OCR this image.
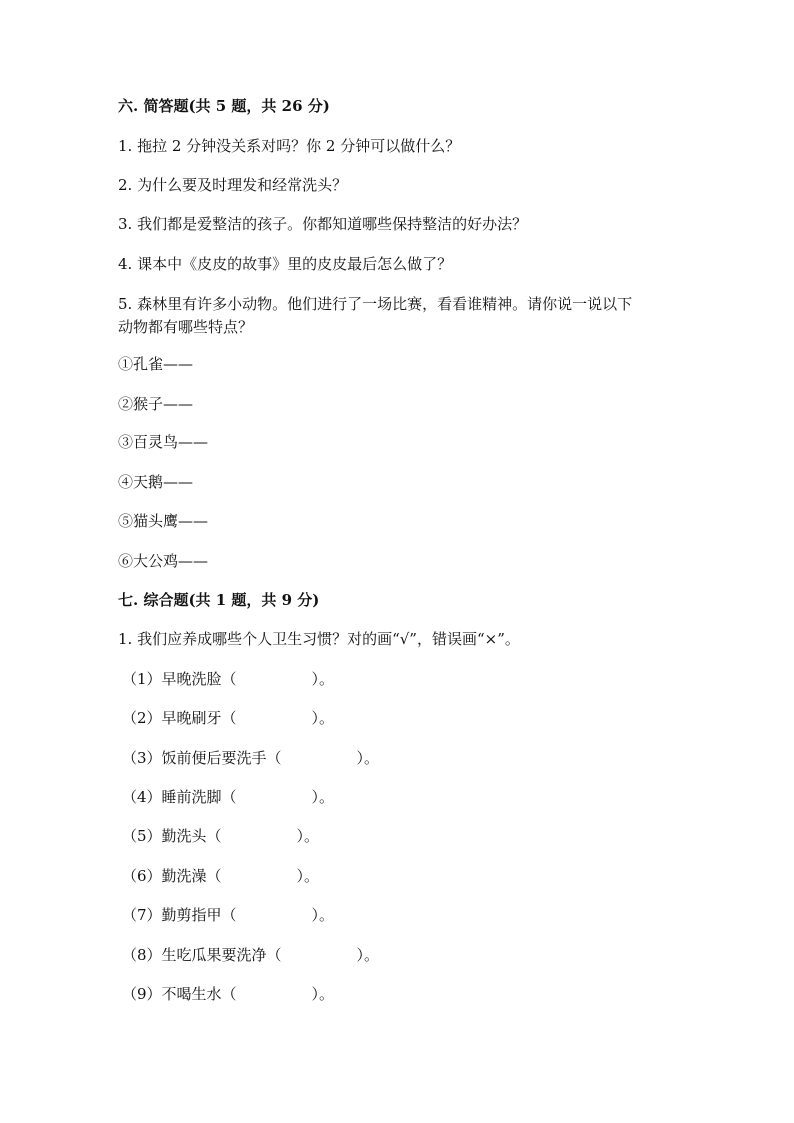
六. 简答题(共 5 题，共 26 分)
1. 拖拉 2 分钟没关系对吗？你 2 分钟可以做什么？
2. 为什么要及时理发和经常洗头？
3. 我们都是爱整洁的孩子。你都知道哪些保持整洁的好办法？
4. 课本中《皮皮的故事》里的皮皮最后怎么做了？
5. 森林里有许多小动物。他们进行了一场比赛，看看谁精神。请你说一说以下
动物都有哪些特点？
①孔雀——
②猴子——
③百灵鸟——
④天鹅——
⑤猫头鹰——
⑥大公鸡——
七. 综合题(共 1 题，共 9 分)
1. 我们应养成哪些个人卫生习惯？对的画“√”，错误画“×”。
（1）早晚洗脸（　　　　　）。
（2）早晚刷牙（　　　　　）。
（3）饭前便后要洗手（　　　　　）。
（4）睡前洗脚（　　　　　）。
（5）勤洗头（　　　　　）。
（6）勤洗澡（　　　　　）。
（7）勤剪指甲（　　　　　）。
（8）生吃瓜果要洗净（　　　　　）。
（9）不喝生水（　　　　　）。
